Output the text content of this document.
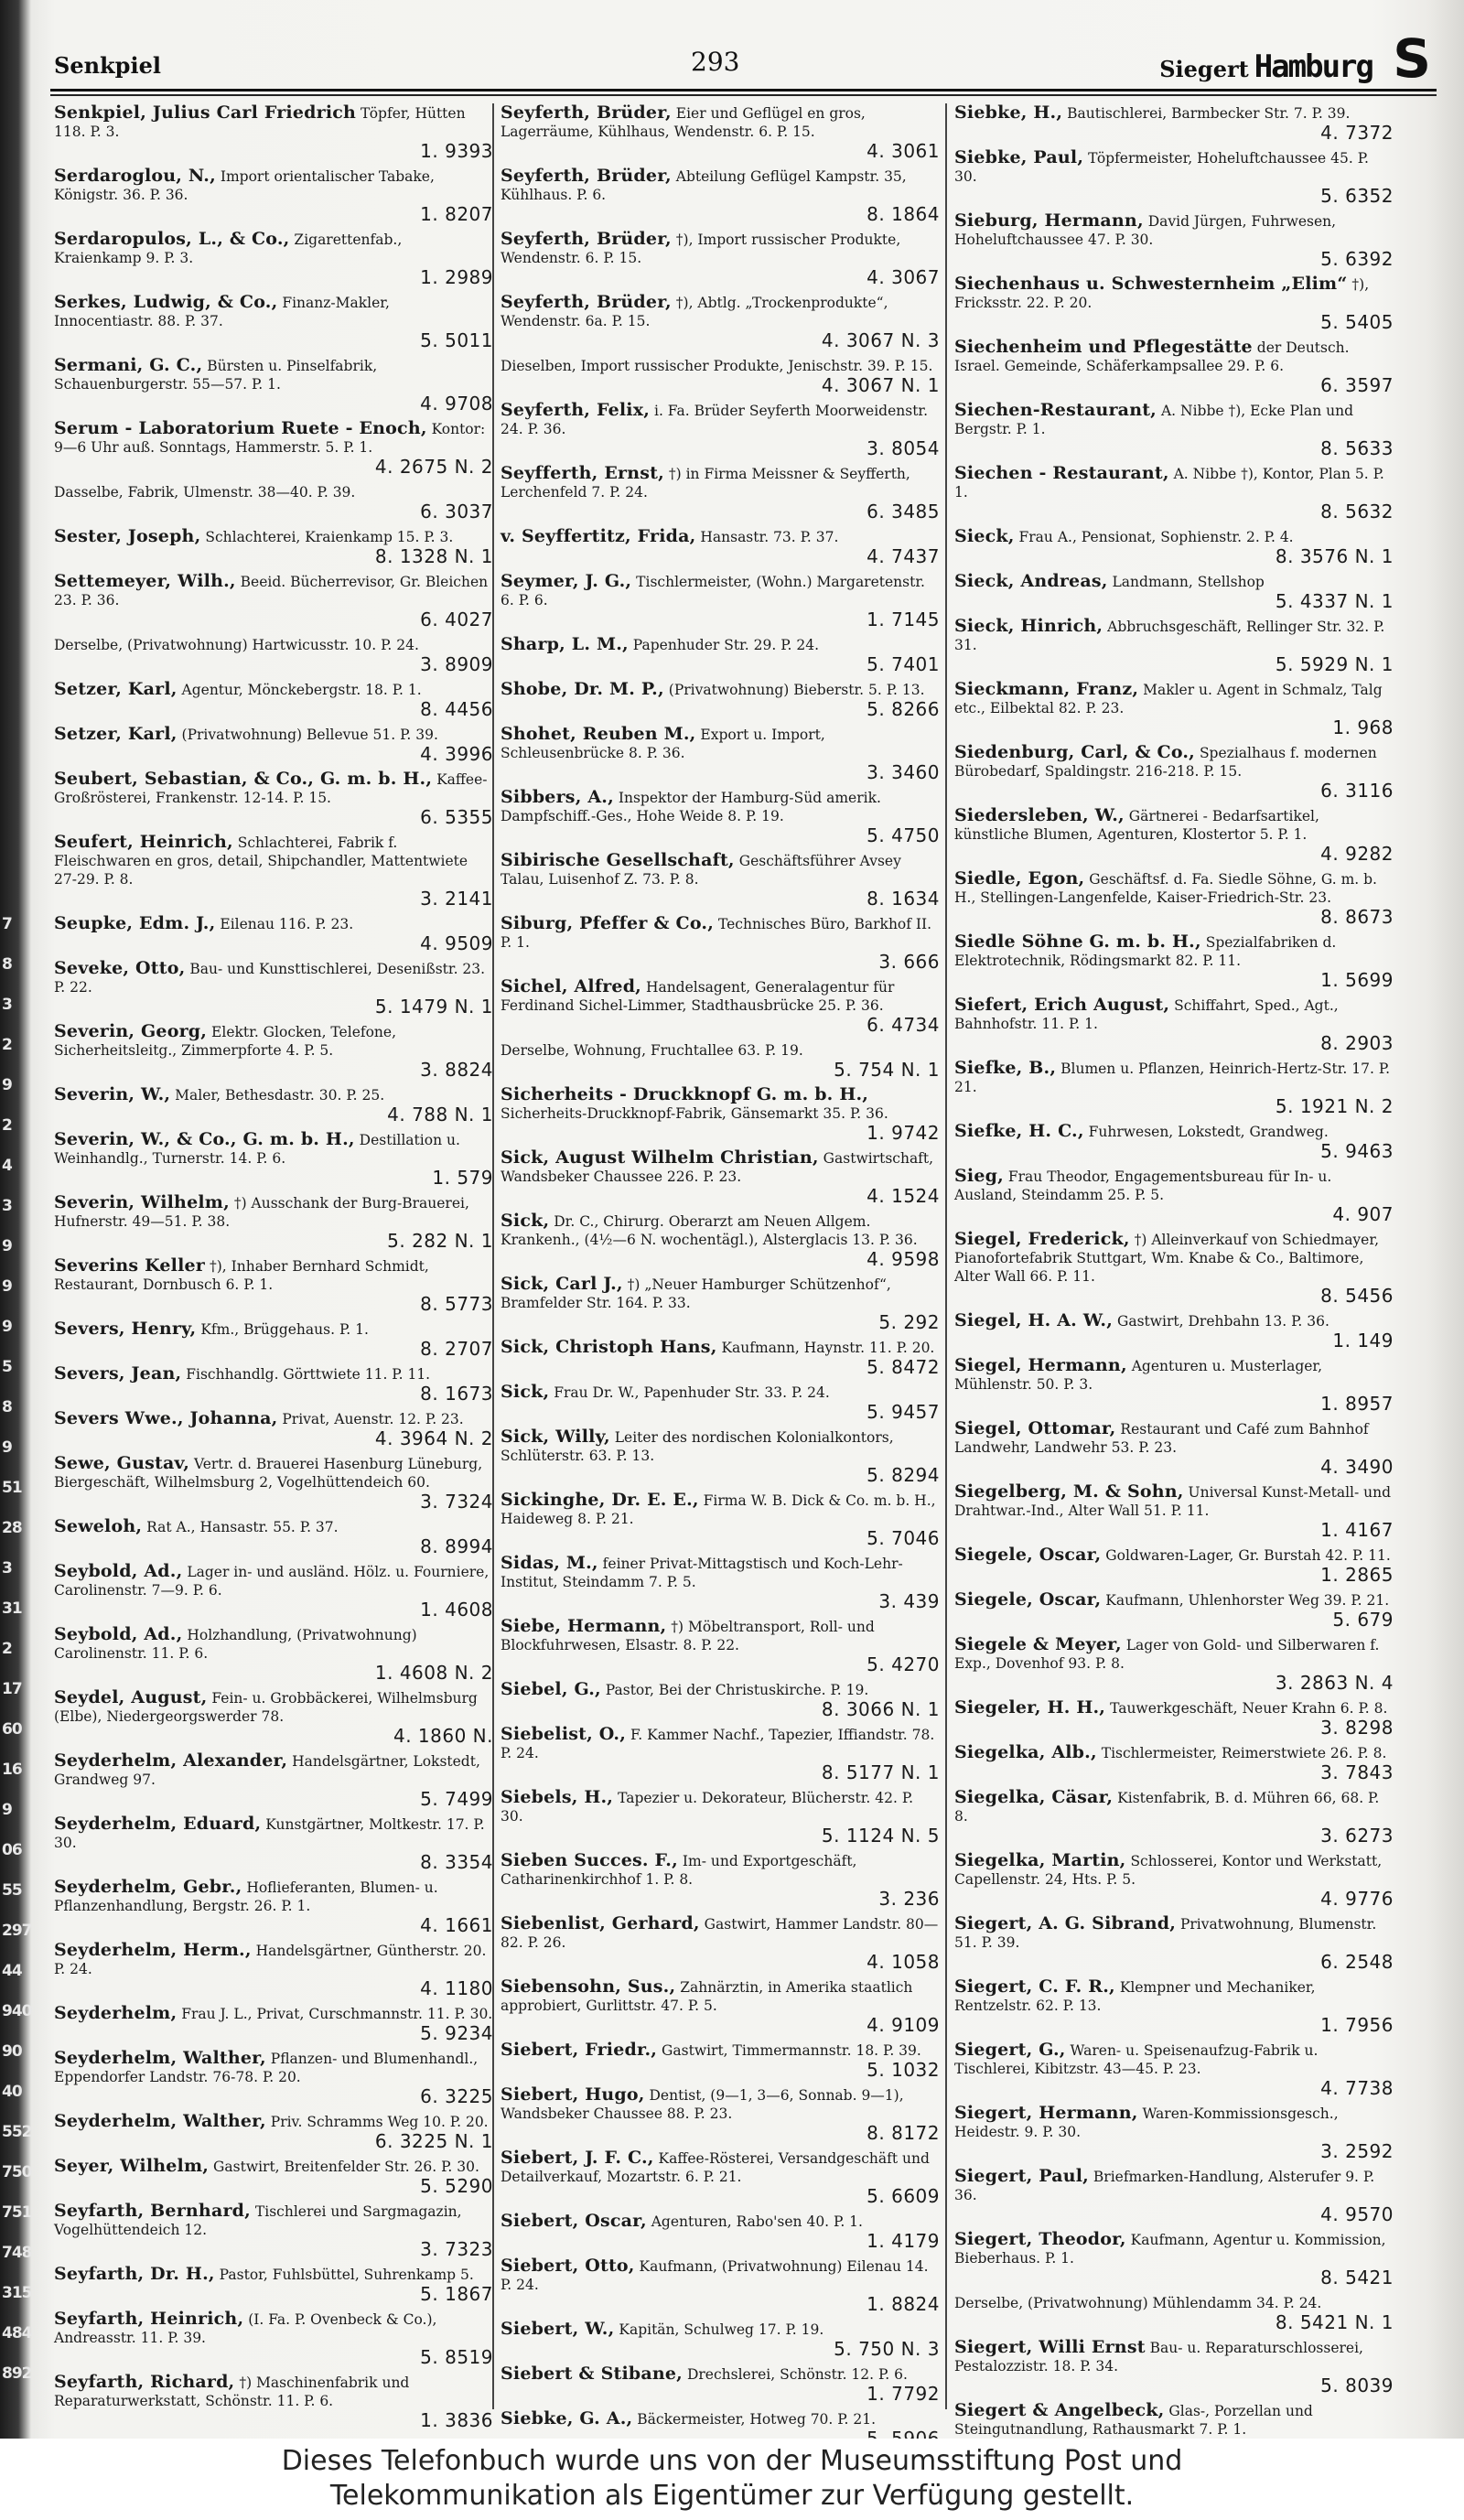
7
8
3
2
9
2
4
3
9
9
9
5
8
9
51
28
3
31
2
17
60
16
9
06
55
297
44
940
90
40
552
750
751
748
315
484
892
Senkpiel	293	Siegert Hamburg S
Senkpiel, Julius Carl Friedrich Töpfer, Hütten 118. P. 3.
1. 9393
Serdaroglou, N., Import orientalischer Tabake, Königstr. 36. P. 36.
1. 8207
Serdaropulos, L., & Co., Zigarettenfab., Kraienkamp 9. P. 3.
1. 2989
Serkes, Ludwig, & Co., Finanz-Makler, Innocentiastr. 88. P. 37.
5. 5011
Sermani, G. C., Bürsten u. Pinselfabrik, Schauenburgerstr. 55—57. P. 1.
4. 9708
Serum - Laboratorium Ruete - Enoch, Kontor: 9—6 Uhr auß. Sonntags, Hammerstr. 5. P. 1.
4. 2675 N. 2
Dasselbe, Fabrik, Ulmenstr. 38—40. P. 39.
6. 3037
Sester, Joseph, Schlachterei, Kraienkamp 15. P. 3.
8. 1328 N. 1
Settemeyer, Wilh., Beeid. Bücherrevisor, Gr. Bleichen 23. P. 36.
6. 4027
Derselbe, (Privatwohnung) Hartwicusstr. 10. P. 24.
3. 8909
Setzer, Karl, Agentur, Mönckebergstr. 18. P. 1.
8. 4456
Setzer, Karl, (Privatwohnung) Bellevue 51. P. 39.
4. 3996
Seubert, Sebastian, & Co., G. m. b. H., Kaffee-Großrösterei, Frankenstr. 12-14. P. 15.
6. 5355
Seufert, Heinrich, Schlachterei, Fabrik f. Fleischwaren en gros, detail, Shipchandler, Mattentwiete 27-29. P. 8.
3. 2141
Seupke, Edm. J., Eilenau 116. P. 23.
4. 9509
Seveke, Otto, Bau- und Kunsttischlerei, Desenißstr. 23. P. 22.
5. 1479 N. 1
Severin, Georg, Elektr. Glocken, Telefone, Sicherheitsleitg., Zimmerpforte 4. P. 5.
3. 8824
Severin, W., Maler, Bethesdastr. 30. P. 25.
4. 788 N. 1
Severin, W., & Co., G. m. b. H., Destillation u. Weinhandlg., Turnerstr. 14. P. 6.
1. 579
Severin, Wilhelm, †) Ausschank der Burg-Brauerei, Hufnerstr. 49—51. P. 38.
5. 282 N. 1
Severins Keller †), Inhaber Bernhard Schmidt, Restaurant, Dornbusch 6. P. 1.
8. 5773
Severs, Henry, Kfm., Brüggehaus. P. 1.
8. 2707
Severs, Jean, Fischhandlg. Görttwiete 11. P. 11.
8. 1673
Severs Wwe., Johanna, Privat, Auenstr. 12. P. 23.
4. 3964 N. 2
Sewe, Gustav, Vertr. d. Brauerei Hasenburg Lüneburg, Biergeschäft, Wilhelmsburg 2, Vogelhüttendeich 60.
3. 7324
Seweloh, Rat A., Hansastr. 55. P. 37.
8. 8994
Seybold, Ad., Lager in- und ausländ. Hölz. u. Fourniere, Carolinenstr. 7—9. P. 6.
1. 4608
Seybold, Ad., Holzhandlung, (Privatwohnung) Carolinenstr. 11. P. 6.
1. 4608 N. 2
Seydel, August, Fein- u. Grobbäckerei, Wilhelmsburg (Elbe), Niedergeorgswerder 78.
4. 1860 N.
Seyderhelm, Alexander, Handelsgärtner, Lokstedt, Grandweg 97.
5. 7499
Seyderhelm, Eduard, Kunstgärtner, Moltkestr. 17. P. 30.
8. 3354
Seyderhelm, Gebr., Hoflieferanten, Blumen- u. Pflanzenhandlung, Bergstr. 26. P. 1.
4. 1661
Seyderhelm, Herm., Handelsgärtner, Güntherstr. 20. P. 24.
4. 1180
Seyderhelm, Frau J. L., Privat, Curschmannstr. 11. P. 30.
5. 9234
Seyderhelm, Walther, Pflanzen- und Blumenhandl., Eppendorfer Landstr. 76-78. P. 20.
6. 3225
Seyderhelm, Walther, Priv. Schramms Weg 10. P. 20.
6. 3225 N. 1
Seyer, Wilhelm, Gastwirt, Breitenfelder Str. 26. P. 30.
5. 5290
Seyfarth, Bernhard, Tischlerei und Sargmagazin, Vogelhüttendeich 12.
3. 7323
Seyfarth, Dr. H., Pastor, Fuhlsbüttel, Suhrenkamp 5.
5. 1867
Seyfarth, Heinrich, (I. Fa. P. Ovenbeck & Co.), Andreasstr. 11. P. 39.
5. 8519
Seyfarth, Richard, †) Maschinenfabrik und Reparaturwerkstatt, Schönstr. 11. P. 6.
1. 3836
Seyferth, Brüder, Eier und Geflügel en gros, Lagerräume, Kühlhaus, Wendenstr. 6. P. 15.
4. 3061
Seyferth, Brüder, Abteilung Geflügel Kampstr. 35, Kühlhaus. P. 6.
8. 1864
Seyferth, Brüder, †), Import russischer Produkte, Wendenstr. 6. P. 15.
4. 3067
Seyferth, Brüder, †), Abtlg. „Trockenprodukte“, Wendenstr. 6a. P. 15.
4. 3067 N. 3
Dieselben, Import russischer Produkte, Jenischstr. 39. P. 15.
4. 3067 N. 1
Seyferth, Felix, i. Fa. Brüder Seyferth Moorweidenstr. 24. P. 36.
3. 8054
Seyfferth, Ernst, †) in Firma Meissner & Seyfferth, Lerchenfeld 7. P. 24.
6. 3485
v. Seyffertitz, Frida, Hansastr. 73. P. 37.
4. 7437
Seymer, J. G., Tischlermeister, (Wohn.) Margaretenstr. 6. P. 6.
1. 7145
Sharp, L. M., Papenhuder Str. 29. P. 24.
5. 7401
Shobe, Dr. M. P., (Privatwohnung) Bieberstr. 5. P. 13.
5. 8266
Shohet, Reuben M., Export u. Import, Schleusenbrücke 8. P. 36.
3. 3460
Sibbers, A., Inspektor der Hamburg-Süd amerik. Dampfschiff.-Ges., Hohe Weide 8. P. 19.
5. 4750
Sibirische Gesellschaft, Geschäftsführer Avsey Talau, Luisenhof Z. 73. P. 8.
8. 1634
Siburg, Pfeffer & Co., Technisches Büro, Barkhof II. P. 1.
3. 666
Sichel, Alfred, Handelsagent, Generalagentur für Ferdinand Sichel-Limmer, Stadthausbrücke 25. P. 36.
6. 4734
Derselbe, Wohnung, Fruchtallee 63. P. 19.
5. 754 N. 1
Sicherheits - Druckknopf G. m. b. H., Sicherheits-Druckknopf-Fabrik, Gänsemarkt 35. P. 36.
1. 9742
Sick, August Wilhelm Christian, Gastwirtschaft, Wandsbeker Chaussee 226. P. 23.
4. 1524
Sick, Dr. C., Chirurg. Oberarzt am Neuen Allgem. Krankenh., (4½—6 N. wochentägl.), Alsterglacis 13. P. 36.
4. 9598
Sick, Carl J., †) „Neuer Hamburger Schützenhof“, Bramfelder Str. 164. P. 33.
5. 292
Sick, Christoph Hans, Kaufmann, Haynstr. 11. P. 20.
5. 8472
Sick, Frau Dr. W., Papenhuder Str. 33. P. 24.
5. 9457
Sick, Willy, Leiter des nordischen Kolonialkontors, Schlüterstr. 63. P. 13.
5. 8294
Sickinghe, Dr. E. E., Firma W. B. Dick & Co. m. b. H., Haideweg 8. P. 21.
5. 7046
Sidas, M., feiner Privat-Mittagstisch und Koch-Lehr-Institut, Steindamm 7. P. 5.
3. 439
Siebe, Hermann, †) Möbeltransport, Roll- und Blockfuhrwesen, Elsastr. 8. P. 22.
5. 4270
Siebel, G., Pastor, Bei der Christuskirche. P. 19.
8. 3066 N. 1
Siebelist, O., F. Kammer Nachf., Tapezier, Iffiandstr. 78. P. 24.
8. 5177 N. 1
Siebels, H., Tapezier u. Dekorateur, Blücherstr. 42. P. 30.
5. 1124 N. 5
Sieben Succes. F., Im- und Exportgeschäft, Catharinenkirchhof 1. P. 8.
3. 236
Siebenlist, Gerhard, Gastwirt, Hammer Landstr. 80—82. P. 26.
4. 1058
Siebensohn, Sus., Zahnärztin, in Amerika staatlich approbiert, Gurlittstr. 47. P. 5.
4. 9109
Siebert, Friedr., Gastwirt, Timmermannstr. 18. P. 39.
5. 1032
Siebert, Hugo, Dentist, (9—1, 3—6, Sonnab. 9—1), Wandsbeker Chaussee 88. P. 23.
8. 8172
Siebert, J. F. C., Kaffee-Rösterei, Versandgeschäft und Detailverkauf, Mozartstr. 6. P. 21.
5. 6609
Siebert, Oscar, Agenturen, Rabo'sen 40. P. 1.
1. 4179
Siebert, Otto, Kaufmann, (Privatwohnung) Eilenau 14. P. 24.
1. 8824
Siebert, W., Kapitän, Schulweg 17. P. 19.
5. 750 N. 3
Siebert & Stibane, Drechslerei, Schönstr. 12. P. 6.
1. 7792
Siebke, G. A., Bäckermeister, Hotweg 70. P. 21.
Siebke, H., Bautischlerei, Barmbecker Str. 7. P. 39.
4. 7372
Siebke, Paul, Töpfermeister, Hoheluftchaussee 45. P. 30.
5. 6352
Sieburg, Hermann, David Jürgen, Fuhrwesen, Hoheluftchaussee 47. P. 30.
5. 6392
Siechenhaus u. Schwesternheim „Elim“ †), Fricksstr. 22. P. 20.
5. 5405
Siechenheim und Pflegestätte der Deutsch. Israel. Gemeinde, Schäferkampsallee 29. P. 6.
6. 3597
Siechen-Restaurant, A. Nibbe †), Ecke Plan und Bergstr. P. 1.
8. 5633
Siechen - Restaurant, A. Nibbe †), Kontor, Plan 5. P. 1.
8. 5632
Sieck, Frau A., Pensionat, Sophienstr. 2. P. 4.
8. 3576 N. 1
Sieck, Andreas, Landmann, Stellshop
5. 4337 N. 1
Sieck, Hinrich, Abbruchsgeschäft, Rellinger Str. 32. P. 31.
5. 5929 N. 1
Sieckmann, Franz, Makler u. Agent in Schmalz, Talg etc., Eilbektal 82. P. 23.
1. 968
Siedenburg, Carl, & Co., Spezialhaus f. modernen Bürobedarf, Spaldingstr. 216-218. P. 15.
6. 3116
Siedersleben, W., Gärtnerei - Bedarfsartikel, künstliche Blumen, Agenturen, Klostertor 5. P. 1.
4. 9282
Siedle, Egon, Geschäftsf. d. Fa. Siedle Söhne, G. m. b. H., Stellingen-Langenfelde, Kaiser-Friedrich-Str. 23.
8. 8673
Siedle Söhne G. m. b. H., Spezialfabriken d. Elektrotechnik, Rödingsmarkt 82. P. 11.
1. 5699
Siefert, Erich August, Schiffahrt, Sped., Agt., Bahnhofstr. 11. P. 1.
8. 2903
Siefke, B., Blumen u. Pflanzen, Heinrich-Hertz-Str. 17. P. 21.
5. 1921 N. 2
Siefke, H. C., Fuhrwesen, Lokstedt, Grandweg.
5. 9463
Sieg, Frau Theodor, Engagementsbureau für In- u. Ausland, Steindamm 25. P. 5.
4. 907
Siegel, Frederick, †) Alleinverkauf von Schiedmayer, Pianofortefabrik Stuttgart, Wm. Knabe & Co., Baltimore, Alter Wall 66. P. 11.
8. 5456
Siegel, H. A. W., Gastwirt, Drehbahn 13. P. 36.
1. 149
Siegel, Hermann, Agenturen u. Musterlager, Mühlenstr. 50. P. 3.
1. 8957
Siegel, Ottomar, Restaurant und Café zum Bahnhof Landwehr, Landwehr 53. P. 23.
4. 3490
Siegelberg, M. & Sohn, Universal Kunst-Metall- und Drahtwar.-Ind., Alter Wall 51. P. 11.
1. 4167
Siegele, Oscar, Goldwaren-Lager, Gr. Burstah 42. P. 11.
1. 2865
Siegele, Oscar, Kaufmann, Uhlenhorster Weg 39. P. 21.
5. 679
Siegele & Meyer, Lager von Gold- und Silberwaren f. Exp., Dovenhof 93. P. 8.
3. 2863 N. 4
Siegeler, H. H., Tauwerkgeschäft, Neuer Krahn 6. P. 8.
3. 8298
Siegelka, Alb., Tischlermeister, Reimerstwiete 26. P. 8.
3. 7843
Siegelka, Cäsar, Kistenfabrik, B. d. Mühren 66, 68. P. 8.
3. 6273
Siegelka, Martin, Schlosserei, Kontor und Werkstatt, Capellenstr. 24, Hts. P. 5.
4. 9776
Siegert, A. G. Sibrand, Privatwohnung, Blumenstr. 51. P. 39.
6. 2548
Siegert, C. F. R., Klempner und Mechaniker, Rentzelstr. 62. P. 13.
1. 7956
Siegert, G., Waren- u. Speisenaufzug-Fabrik u. Tischlerei, Kibitzstr. 43—45. P. 23.
4. 7738
Siegert, Hermann, Waren-Kommissionsgesch., Heidestr. 9. P. 30.
3. 2592
Siegert, Paul, Briefmarken-Handlung, Alsterufer 9. P. 36.
4. 9570
Siegert, Theodor, Kaufmann, Agentur u. Kommission, Bieberhaus. P. 1.
8. 5421
Derselbe, (Privatwohnung) Mühlendamm 34. P. 24.
8. 5421 N. 1
Siegert, Willi Ernst Bau- u. Reparaturschlosserei, Pestalozzistr. 18. P. 34.
5. 8039
Siegert & Angelbeck, Glas-, Porzellan und Steingutnandlung, Rathausmarkt 7. P. 1.
Dieses Telefonbuch wurde uns von der Museumsstiftung Post und
Telekommunikation als Eigentümer zur Verfügung gestellt.
